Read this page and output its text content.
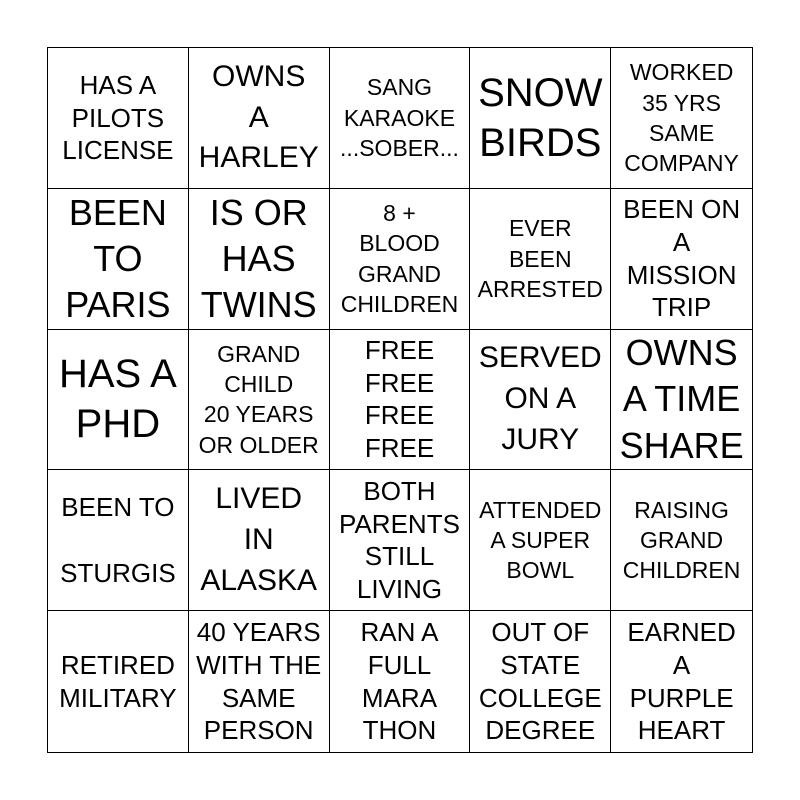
HAS A
PILOTS
LICENSE
OWNS
A
HARLEY
SANG
KARAOKE
...SOBER...
SNOW
BIRDS
WORKED
35 YRS
SAME
COMPANY
BEEN
TO
PARIS
IS OR
HAS
TWINS
8 +
BLOOD
GRAND
CHILDREN
EVER
BEEN
ARRESTED
BEEN ON
A
MISSION
TRIP
HAS A
PHD
GRAND
CHILD
20 YEARS
OR OLDER
FREE
FREE
FREE
FREE
SERVED
ON A
JURY
OWNS
A TIME
SHARE
BEEN TO

STURGIS
LIVED
IN
ALASKA
BOTH
PARENTS
STILL
LIVING
ATTENDED
A SUPER
BOWL
RAISING
GRAND
CHILDREN
RETIRED
MILITARY
40 YEARS
WITH THE
SAME
PERSON
RAN A
FULL
MARA
THON
OUT OF
STATE
COLLEGE
DEGREE
EARNED
A
PURPLE
HEART
